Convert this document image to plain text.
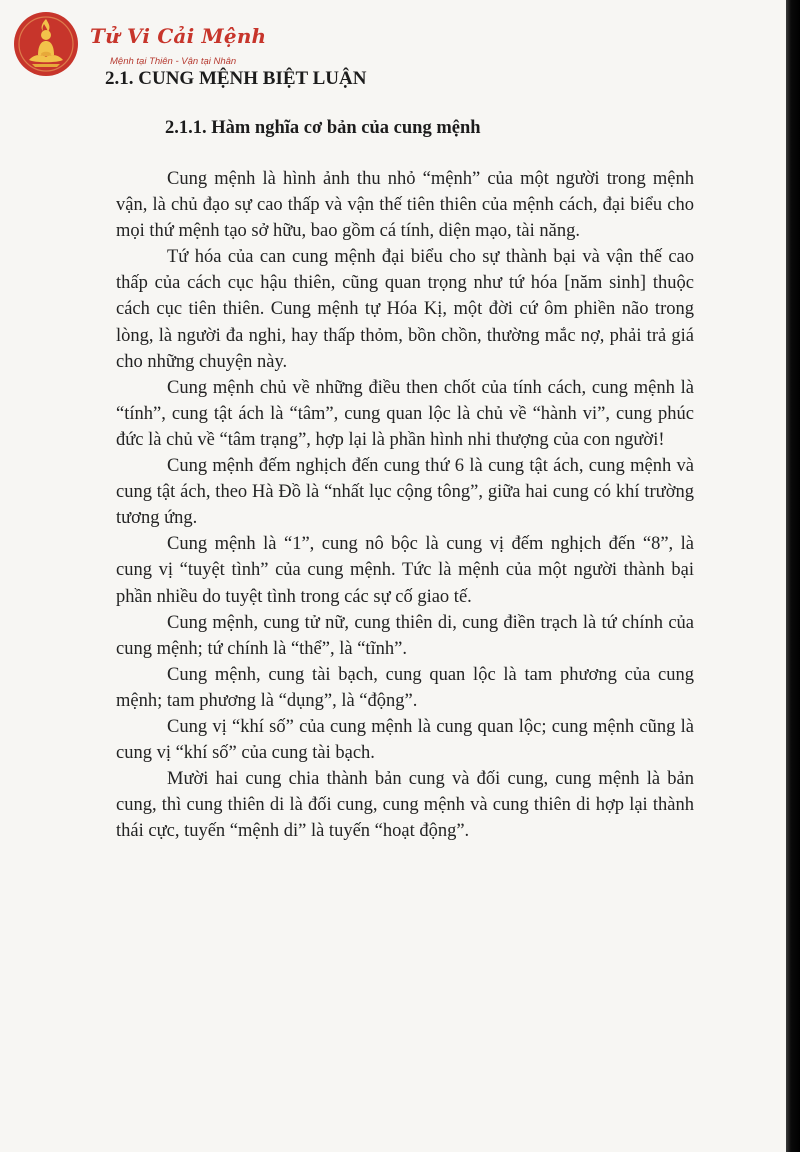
Tử Vi Cải Mệnh
Mệnh tại Thiên - Vận tại Nhân
2.1. CUNG MỆNH BIỆT LUẬN
2.1.1. Hàm nghĩa cơ bản của cung mệnh

Cung mệnh là hình ảnh thu nhỏ “mệnh” của một người trong mệnh vận, là chủ đạo sự cao thấp và vận thế tiên thiên của mệnh cách, đại biểu cho mọi thứ mệnh tạo sở hữu, bao gồm cá tính, diện mạo, tài năng.

Tứ hóa của can cung mệnh đại biểu cho sự thành bại và vận thế cao thấp của cách cục hậu thiên, cũng quan trọng như tứ hóa [năm sinh] thuộc cách cục tiên thiên. Cung mệnh tự Hóa Kị, một đời cứ ôm phiền não trong lòng, là người đa nghi, hay thấp thỏm, bồn chồn, thường mắc nợ, phải trả giá cho những chuyện này.

Cung mệnh chủ về những điều then chốt của tính cách, cung mệnh là “tính”, cung tật ách là “tâm”, cung quan lộc là chủ về “hành vi”, cung phúc đức là chủ về “tâm trạng”, hợp lại là phần hình nhi thượng của con người!

Cung mệnh đếm nghịch đến cung thứ 6 là cung tật ách, cung mệnh và cung tật ách, theo Hà Đồ là “nhất lục cộng tông”, giữa hai cung có khí trường tương ứng.

Cung mệnh là “1”, cung nô bộc là cung vị đếm nghịch đến “8”, là cung vị “tuyệt tình” của cung mệnh. Tức là mệnh của một người thành bại phần nhiều do tuyệt tình trong các sự cố giao tế.

Cung mệnh, cung tử nữ, cung thiên di, cung điền trạch là tứ chính của cung mệnh; tứ chính là “thể”, là “tĩnh”.

Cung mệnh, cung tài bạch, cung quan lộc là tam phương của cung mệnh; tam phương là “dụng”, là “động”.

Cung vị “khí số” của cung mệnh là cung quan lộc; cung mệnh cũng là cung vị “khí số” của cung tài bạch.

Mười hai cung chia thành bản cung và đối cung, cung mệnh là bản cung, thì cung thiên di là đối cung, cung mệnh và cung thiên di hợp lại thành thái cực, tuyến “mệnh di” là tuyến “hoạt động”.
